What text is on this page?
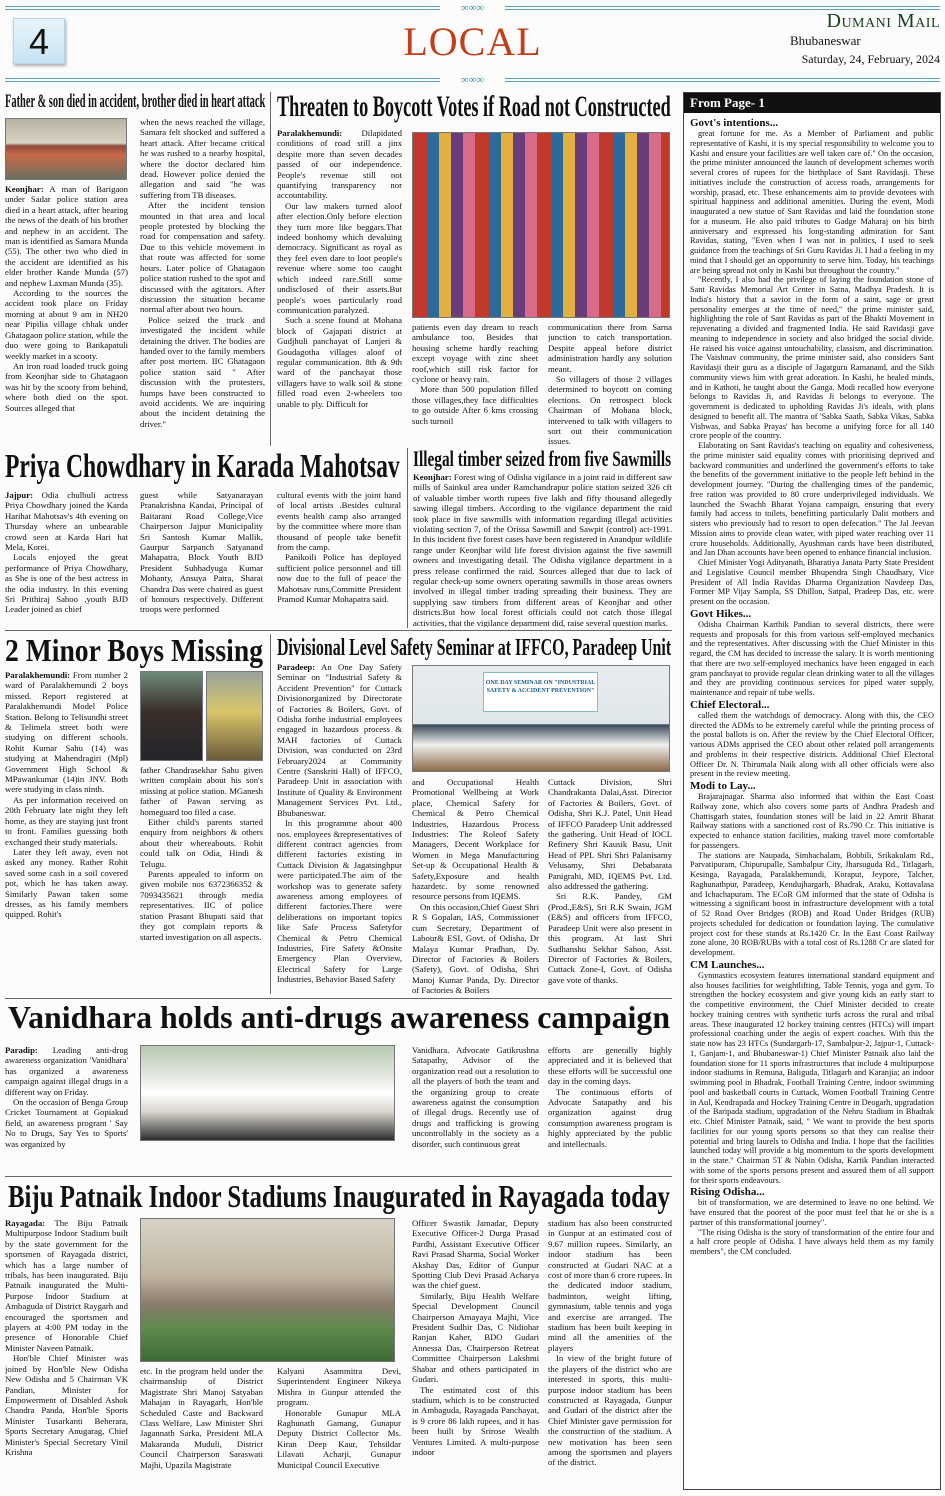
∞∞∞
4	LOCAL	Dumani Mail
Bhubaneswar
Saturday, 24, February, 2024
∞∞∞
Father & son died in accident, brother died in heart attack

Keonjhar: A man of Barigaon under Sadar police station area died in a heart attack, after hearing the news of the death of his brother and nephew in an accident. The man is identified as Samara Munda (55). The other two who died in the accident are identified as his elder brother Kande Munda (57) and nephew Laxman Munda (35).

According to the sources the accident took place on Friday morning at about 9 am in NH20 near Pipilia village chhak under Ghatagaon police station, while the duo were going to Bankapatuli weekly market in a scooty.

An iron road loaded truck going from Keonjhar side to Ghatagaon was hit by the scooty from behind, where both died on the spot. Sources alleged that

when the news reached the village, Samara felt shocked and suffered a heart attack. After became critical he was rushed to a nearby hospital, where the doctor declared him dead. However police denied the allegation and said "he was suffering from TB diseases.

After the incident tension mounted in that area and local people protested by blocking the road for compensation and safety. Due to this vehicle movement in that route was affected for some hours. Later police of Ghatagaon police station rushed to the spot and discussed with the agitators. After discussion the situation became normal after about two hours.

Police seized the truck and investigated the incident while detaining the driver. The bodies are handed over to the family members after post mortem. IIC Ghatagaon police station said " After discussion with the protesters, humps have been constructed to avoid accidents. We are inquiring about the incident detaining the driver."

Threaten to Boycott Votes if Road not Constructed

Paralakhemundi: Dilapidated conditions of road still a jinx despite more than seven decades passed of our independence. People's revenue still not quantifying transparency nor accountability.

Our law makers turned aloof after election.Only before election they turn more like beggars.That indeed bonhomy which devaluing democracy. Significant as royal as they feel even dare to loot people's revenue where some too caught which indeed rare.Still some undisclosed of their assets.But people's woes particularly road communication paralyzed.

Such a scene found at Mohana block of Gajapati district at Gudjhuli panchayat of Lanjeri & Goudagotha villages aloof of regular communication. 8th & 9th ward of the panchayat those villagers have to walk soil & stone filled road even 2-wheelers too unable to ply. Difficult for

patients even day dream to reach ambulance too. Besides that housing scheme hardly reaching except voyage with zinc sheet roof,which still risk factor for cyclone or heavy rain.

More than 500 population filled those villages,they face difficulties to go outside After 6 kms crossing such turnoil

communication there from Sarna junction to catch transportation. Despite appeal before district administration hardly any solution meant.

So villagers of those 2 villages determined to boycott on coming elections. On retrospect block Chairman of Mohana block, intervened to talk with villagers to sort out their communication issues.

Priya Chowdhary in Karada Mahotsav

Jajpur: Odia chulbuli actress Priya Chowdhary joined the Karda Harihat Mahotsav's 4th evening on Thursday where an unbearable crowd seen at Karda Hari hat Mela, Korei.

Locals enjoyed the great performance of Priya Chowdhary, as She is one of the best actress in the odia industry. In this evening Sri Prithiraj Sahoo ,youth BJD Leader joined as chief

guest while Satyanarayan Pranakrishna Kandai, Principal of Baitarani Road College,Vice Chairperson Jajpur Municipality Sri Santosh Kumar Mallik, Gaurpur Sarpanch Satyanand Mahapatra, Block Youth BJD President Subhadyuga Kumar Mohanty, Ansuya Patra, Sharat Chandra Das were chaired as guest of honours respectively. Different troops were performed

cultural events with the joint hand of local artists .Besides cultural events health camp also arranged by the committee where more than thousand of people take benefit from the camp.

Panikoili Police has deployed sufficient police personnel and till now due to the full of peace the Mahotsav runs,Committe President Pramod Kumar Mohapatra said.

Illegal timber seized from five Sawmills

Keonjhar: Forest wing of Odisha vigilance in a joint raid in different saw mills of Sainkul area under Ramchandrapur police station seized 326 cft of valuable timber worth rupees five lakh and fifty thousand allegedly sawing illegal timbers. According to the vigilance department the raid took place in five sawmills with information regarding illegal activities violating section 7, of the Orissa Sawmill and Sawpit (control) act-1991. In this incident five forest cases have been registered in Anandpur wildlife range under Keonjhar wild life forest division against the five sawmill owners and investigating detail. The Odisha vigilance department in a press release confirmed the raid. Sources alleged that due to lack of regular check-up some owners operating sawmills in those areas owners involved in illegal timber trading spreading their business. They are supplying saw timbers from different areas of Keonjhar and other districts.But how local forest officials could not catch those illegal activities, that the vigilance department did, raise several question marks.

2 Minor Boys Missing

Paralakhemundi: From number 2 ward of Paralakhemundi 2 boys missed. Report registered at Paralakhemundi Model Police Station. Belong to Telisundhi street & Telimela street both were studying on different schools. Rohit Kumar Sahu (14) was studying at Mahendragiri (Mpl) Government High School & MPawankumar (14)in JNV. Both were studying in class ninth.

As per information received on 20th February late night they left home, as they are staying just front to front. Families guessing both exchanged their study materials.

Later they left away, even not asked any money. Rather Rohit saved some cash in a soil covered pot, which he has taken away. Similarly Pawan taken some dresses, as his family members quipped. Rohit's

father Chandrasekhar Sahu given written complain about his son's missing at police station. MGanesh father of Pawan serving as homeguard too filed a case.

Either child's parents started enquiry from neighbors & others about their whereabouts. Rohit could talk on Odia, Hindi & Telugu.

Parents appealed to inform on given mobile nos 6372366352 & 7093435621 through media representatives. IIC of police station Prasant Bhupati said that they got complain reports & started investigation on all aspects.

Divisional Level Safety Seminar at IFFCO, Paradeep Unit

Paradeep: An One Day Safety Seminar on "Industrial Safety & Accident Prevention" for Cuttack Divisionorganized by Directorate of Factories & Boilers, Govt. of Odisha forthe industrial employees engaged in hazardous process & MAH factories of Cuttack Division, was conducted on 23rd February2024 at Community Centre (Sanskriti Hall) of IFFCO, Paradeep Unit in association with Institute of Quality & Environment Management Services Pvt. Ltd., Bhubaneswar.

In this programme about 400 nos. employees &representatives of different contract agencies from different factories existing in Cuttack Division & Jagatsinghpur were participated.The aim of the workshop was to generate safety awareness among employees of different factories.There were deliberations on important topics like Safe Process Safetyfor Chemical & Petro Chemical Industries, Fire Safety &Onsite Emergency Plan Overview, Electrical Safety for Large Industries, Behavior Based Safety

ONE DAY SEMINAR ON "INDUSTRIAL SAFETY & ACCIDENT PREVENTION"

and Occupational Health Promotional Wellbeing at Work place, Chemical Safety for Chemical & Petro Chemical Industries, Hazardous Process Industries: The Roleof Safety Managers, Decent Workplace for Women in Mega Manufacturing Set-up & Occupational Health & Safety,Exposure and health hazardetc. by some renowned resource persons from IQEMS.

On this occasion,Chief Guest Shri R S Gopalan, IAS, Commissioner cum Secretary, Department of Labour& ESI, Govt. of Odisha, Dr Malaya Kumar Pradhan, Dy. Director of Factories & Boilers (Safety), Govt. of Odisha, Shri Manoj Kumar Panda, Dy. Director of Factories & Boilers

Cuttack Division, Shri Chandrakanta Dalai,Asst. Director of Factories & Boilers, Govt. of Odisha, Shri K.J. Patel, Unit Head of IFFCO Paradeep Unit addressed the gathering. Unit Head of IOCL Refinery Shri Kausik Basu, Unit Head of PPL Shri Shri Palanisamy Velusamy, Shri Debabarata Panigrahi, MD, IQEMS Pvt. Ltd. also addressed the gathering.

Sri R.K. Pandey, GM (Prod.,E&S), Sri R.K Swain, JGM (E&S) and officers from IFFCO, Paradeep Unit were also present in this program. At last Shri Sudhanshu Sekhar Sahoo, Asst. Director of Factories & Boilers, Cuttack Zone-I, Govt. of Odisha gave vote of thanks.

Vanidhara holds anti-drugs awareness campaign

Paradip: Leading anti-drug awareness organization 'Vanidhara' has organized a awareness campaign against illegal drugs in a different way on Friday.

On the occasion of Benga Group Cricket Tournament at Gopiakud field, an awareness program ' Say No to Drugs, Say Yes to Sports' was organized by

Vanidhara. Advocate Gatikrushna Satapathy, Advisor of the organization read out a resolution to all the players of both the team and the organizing group to create awareness against the consumption of illegal drugs. Recently use of drugs and trafficking is growing uncontrollably in the society as a disorder, such continuous great

efforts are generally highly appreciated and it is believed that these efforts will be successful one day in the coming days.

The continuous efforts of Advocate Satapathy and his organization against drug consumption awareness program is highly appreciated by the public and intellectuals.

Biju Patnaik Indoor Stadiums Inaugurated in Rayagada today

Rayagada: The Biju Patnaik Multipurpose Indoor Stadium built by the state government for the sportsmen of Rayagada district, which has a large number of tribals, has been inaugurated. Biju Patnaik inaugurated the Multi-Purpose Indoor Stadium at Ambaguda of District Raygarh and encouraged the sportsmen and players at 4:00 PM today in the presence of Honorable Chief Minister Naveen Patnaik.

Hon'ble Chief Minister was joined by Hon'ble New Odisha New Odisha and 5 Chairman VK Pandian, Minister for Empowerment of Disabled Ashok Chandra Panda, Hon'ble Sports Minister Tusarkanti Beherara, Sports Secretary Anugarag, Chief Minister's Special Secretary Vinil Krishna

etc. In the program held under the chairmanship of District Magistrate Shri Manoj Satyaban Mahajan in Rayagarh, Hon'ble Scheduled Caste and Backward Class Welfare, Law Minister Shri Jagannath Sarka, President MLA Makaranda Muduli, District Council Chairperson Saraswati Majhi, Upazila Magistrate

Kalyani Asammitra Devi, Superintendent Engineer Nikeya Mishra in Gunpur attended the program.

Honorable Gunapur MLA Raghunath Gamang, Gunapur Deputy District Collector Ms. Kiran Deep Kaur, Tehsildar Lilavati Acharji, Gunapur Municipal Council Executive

Officer Swastik Jamadar, Deputy Executive Officer-2 Durga Prasad Pardhi, Assistant Executive Officer Ravi Prasad Sharma, Social Worker Akshay Das, Editor of Gunpur Spotting Club Devi Prasad Acharya was the chief guest.

Similarly, Biju Health Welfare Special Development Council Chairperson Amayaya Majhi, Vice President Sudhir Das, C Nidiohar Ranjan Kaher, BDO Gudari Annessa Das, Chairperson Retreat Committee Chairperson Lakshmi Shabar and others participated in Gudari.

The estimated cost of this stadium, which is to be constructed in Ambaguda, Rayagada Panchayat, is 9 crore 86 lakh rupees, and it has been built by Srirose Wealth Ventures Limited. A multi-purpose indoor

stadium has also been constructed in Gunpur at an estimated cost of 9.67 million rupees. Similarly, an indoor stadium has been constructed at Gudari NAC at a cost of more than 6 crore rupees. In the dedicated indoor stadium, badminton, weight lifting, gymnasium, table tennis and yoga and exercise are arranged. The stadium has been built keeping in mind all the amenities of the players

In view of the bright future of the players of the district who are interested in sports, this multi-purpose indoor stadium has been constructed at Rayagada, Gunpur and Gudari of the district after the Chief Minister gave permission for the construction of the stadium. A new motivation has been seen among the sportsmen and players of the district.

From Page- 1
Govt's intentions...

great fortune for me. As a Member of Parliament and public representative of Kashi, it is my special responsibility to welcome you to Kashi and ensure your facilities are well taken care of." On the occasion, the prime minister announced the launch of development schemes worth several crores of rupees for the birthplace of Sant Ravidasji. These initiatives include the construction of access roads, arrangements for worship, prasad, etc. These enhancements aim to provide devotees with spiritual happiness and additional amenities. During the event, Modi inaugurated a new statue of Sant Ravidas and laid the foundation stone for a museum. He also paid tributes to Gadge Maharaj on his birth anniversary and expressed his long-standing admiration for Sant Ravidas, stating, "Even when I was not in politics, I used to seek guidance from the teachings of Sri Guru Ravidas Ji. I had a feeling in my mind that I should get an opportunity to serve him. Today, his teachings are being spread not only in Kashi but throughout the country."

"Recently, I also had the privilege of laying the foundation stone of Sant Ravidas Memorial Art Center in Satna, Madhya Pradesh. It is India's history that a savior in the form of a saint, sage or great personality emerges at the time of need," the prime minister said, highlighting the role of Sant Ravidas as part of the Bhakti Movement in rejuvenating a divided and fragmented India. He said Ravidasji gave meaning to independence in society and also bridged the social divide. He raised his voice against untouchability, classism, and discrimination. The Vaishnav community, the prime minister said, also considers Sant Ravidasji their guru as a disciple of Jagatguru Ramanand, and the Sikh community views him with great adoration. In Kashi, he healed minds, and in Kathoti, he taught about the Ganga. Modi recalled how everyone belongs to Ravidas Ji, and Ravidas Ji belongs to everyone. The government is dedicated to upholding Ravidas Ji's ideals, with plans designed to benefit all. The mantra of 'Sabka Saath, Sabka Vikas, Sabka Vishwas, and Sabka Prayas' has become a unifying force for all 140 crore people of the country.

Elaborating on Sant Ravidas's teaching on equality and cohesiveness, the prime minister said equality comes with prioritising deprived and backward communities and underlined the government's efforts to take the benefits of the government initiative to the people left behind in the development journey. "During the challenging times of the pandemic, free ration was provided to 80 crore underprivileged individuals. We launched the Swachh Bharat Yojana campaign, ensuring that every family had access to toilets, benefitting particularly Dalit mothers and sisters who previously had to resort to open defecation." The Jal Jeevan Mission aims to provide clean water, with piped water reaching over 11 crore households. Additionally, Ayushman cards have been distributed, and Jan Dhan accounts have been opened to enhance financial inclusion.

Chief Minister Yogi Adityanath, Bharatiya Janata Party State President and Legislative Council member Bhupendra Singh Chaudhary, Vice President of All India Ravidas Dharma Organization Navdeep Das, Former MP Vijay Sampla, SS Dhillon, Satpal, Pradeep Das, etc. were present on the occasion.

Govt Hikes...

Odisha Chairman Karthik Pandian to several districts, there were requests and proposals for this from various self-employed mechanics and the representatives. After discussing with the Chief Minister in this regard, the CM has decided to increase the salary. It is worth mentioning that there are two self-employed mechanics have been engaged in each gram panchayat to provide regular clean drinking water to all the villages and they are providing continuous services for piped water supply, maintenance and repair of tube wells.

Chief Electoral...

called them the watchdogs of democracy. Along with this, the CEO directed the ADMs to be extremely careful while the printing process of the postal ballots is on. After the review by the Chief Electoral Officer, various ADMs apprised the CEO about other related poll arrangements and problems in their respective districts. Additional Chief Electoral Officer Dr. N. Thirumala Naik along with all other officials were also present in the review meeting.

Modi to Lay...

Brajarajnagar. Sharma also informed that within the East Coast Railway zone, which also covers some parts of Andhra Pradesh and Chattisgarh states, foundation stones will be laid in 22 Amrit Bharat Railway stations with a sanctioned cost of Rs.790 Cr. This initiative is expected to enhance station facilities, making travel more comfortable for passengers.

The stations are Naupada, Simhachalam, Bobbili, Srikakulam Rd., Parvatipuram, Chipurupalle, Sambalpur City, Jharsuguda Rd., Titlagarh, Kesinga, Rayagada, Paralakhemundi, Koraput, Jeypore, Talcher, Raghunathpur, Paradeep, Kendujhargarh, Bhadrak, Araku, Kottavalasa and Ichachapuram. The ECoR GM informed that the state of Odisha is witnessing a significant boost in infrastructure development with a total of 52 Road Over Bridges (ROB) and Road Under Bridges (RUB) projects scheduled for dedication or foundation laying. The cumulative project cost for these stands at Rs.1420 Cr. In the East Coast Railway zone alone, 30 ROB/RUBs with a total cost of Rs.1288 Cr are slated for development.

CM Launches...

Gymnastics ecosystem features international standard equipment and also houses facilities for weightlifting, Table Tennis, yoga and gym. To strengthen the hockey ecosystem and give young kids an early start to the competitive environment, the Chief Minister decided to create hockey training centres with synthetic turfs across the rural and tribal areas. These inaugurated 12 hockey training centres (HTCs) will impart professional coaching under the aegis of expert coaches. With this the state now has 23 HTCs (Sundargarh-17, Sambalpur-2, Jajpur-1, Cuttack-1, Ganjam-1, and Bhubaneswar-1) Chief Minister Patnaik also laid the foundation stone for 11 sports infrastructures that include 4 multipurpose indoor stadiums in Remuna, Baliguda, Titlagarh and Karanjia; an indoor swimming pool in Bhadrak, Football Training Centre, indoor swimming pool and basketball courts in Cuttack, Women Football Training Centre in Aul, Kendrapada and Hockey Training Centre in Deogarh, upgradation of the Baripada stadium, upgradation of the Nehru Stadium in Bhadrak etc. Chief Minister Patnaik, said, " We want to provide the best sports facilities for our young sports persons so that they can realise their potential and bring laurels to Odisha and India. I hope that the facilities launched today will provide a big momentum to the sports development in the state." Chairman 5T & Nabin Odisha, Kartik Pandian interacted with some of the sports persons present and assured them of all support for their sports endeavours.

Rising Odisha...

bit of transformation, we are determined to leave no one behind. We have ensured that the poorest of the poor must feel that he or she is a partner of this transformational journey".

"The rising Odisha is the story of transformation of the entire four and a half crore people of Odisha. I have always held them as my family members", the CM concluded.
